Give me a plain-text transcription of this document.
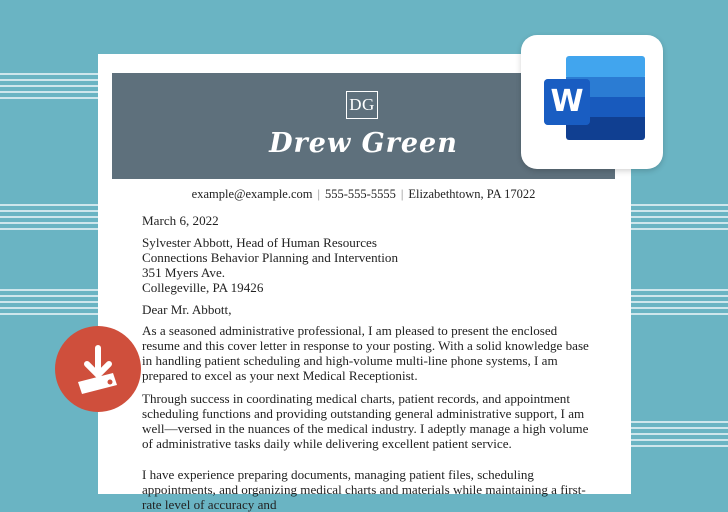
DG
Drew Green
example@example.com | 555-555-5555 | Elizabethtown, PA 17022

March 6, 2022

Sylvester Abbott, Head of Human Resources

Connections Behavior Planning and Intervention

351 Myers Ave.

Collegeville, PA 19426

Dear Mr. Abbott,

As a seasoned administrative professional, I am pleased to present the enclosed resume and this cover letter in response to your posting. With a solid knowledge base in handling patient scheduling and high-volume multi-line phone systems, I am prepared to excel as your next Medical Receptionist.

Through success in coordinating medical charts, patient records, and appointment scheduling functions and providing outstanding general administrative support, I am well—versed in the nuances of the medical industry. I adeptly manage a high volume of administrative tasks daily while delivering excellent patient service.

I have experience preparing documents, managing patient files, scheduling appointments, and organizing medical charts and materials while maintaining a first-rate level of accuracy and

W
